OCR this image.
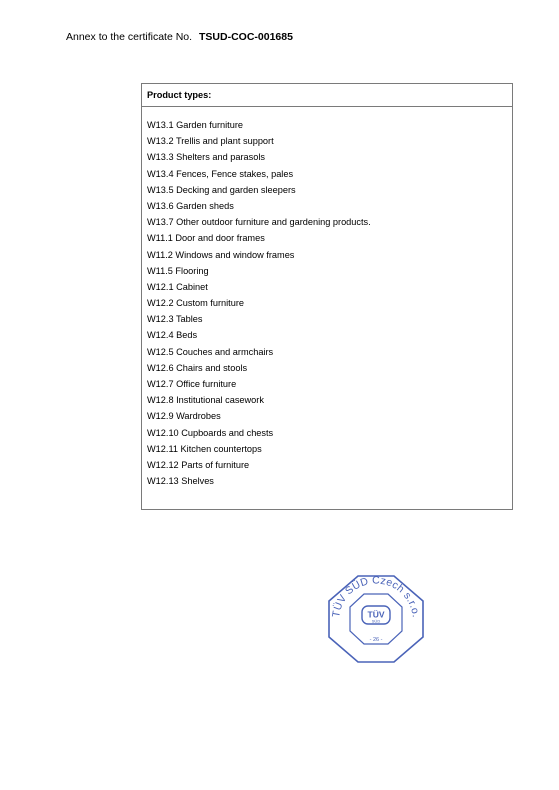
Annex to the certificate No. TSUD-COC-001685
Product types:
W13.1 Garden furniture
W13.2 Trellis and plant support
W13.3 Shelters and parasols
W13.4 Fences, Fence stakes, pales
W13.5 Decking and garden sleepers
W13.6 Garden sheds
W13.7 Other outdoor furniture and gardening products.
W11.1 Door and door frames
W11.2 Windows and window frames
W11.5 Flooring
W12.1 Cabinet
W12.2 Custom furniture
W12.3 Tables
W12.4 Beds
W12.5 Couches and armchairs
W12.6 Chairs and stools
W12.7 Office furniture
W12.8 Institutional casework
W12.9 Wardrobes
W12.10 Cupboards and chests
W12.11 Kitchen countertops
W12.12 Parts of furniture
W12.13 Shelves
TÜV SÜD Czech s.r.o.
TÜV
SÜD
- 26 -
